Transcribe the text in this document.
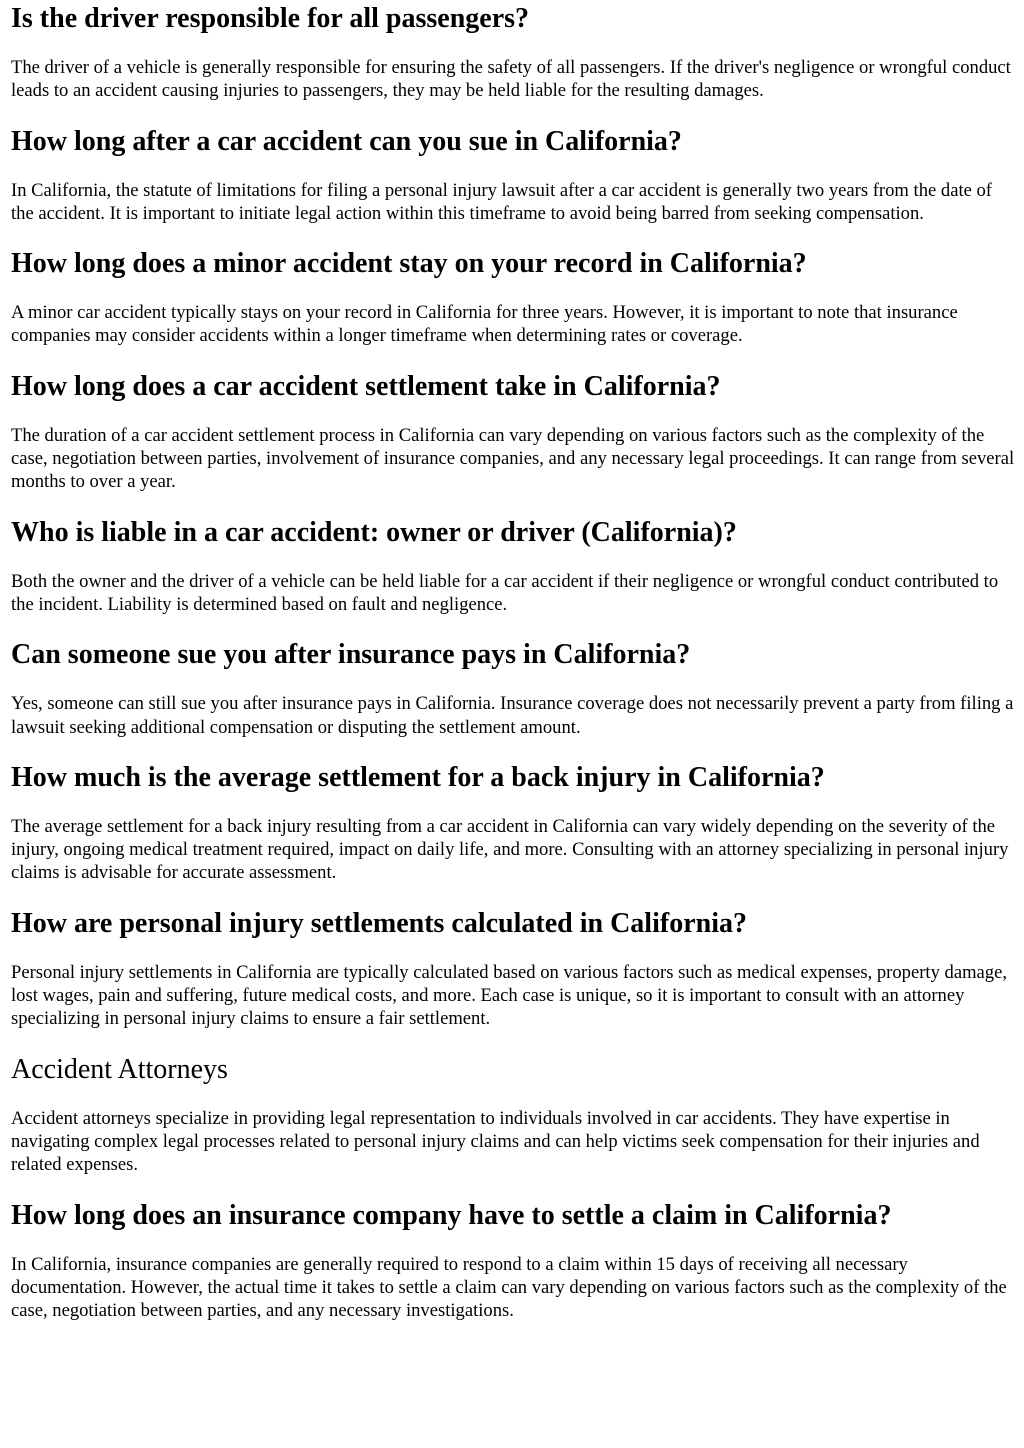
Is the driver responsible for all passengers?

The driver of a vehicle is generally responsible for ensuring the safety of all passengers. If the driver's negligence or wrongful conduct leads to an accident causing injuries to passengers, they may be held liable for the resulting damages.

How long after a car accident can you sue in California?

In California, the statute of limitations for filing a personal injury lawsuit after a car accident is generally two years from the date of the accident. It is important to initiate legal action within this timeframe to avoid being barred from seeking compensation.

How long does a minor accident stay on your record in California?

A minor car accident typically stays on your record in California for three years. However, it is important to note that insurance companies may consider accidents within a longer timeframe when determining rates or coverage.

How long does a car accident settlement take in California?

The duration of a car accident settlement process in California can vary depending on various factors such as the complexity of the case, negotiation between parties, involvement of insurance companies, and any necessary legal proceedings. It can range from several months to over a year.

Who is liable in a car accident: owner or driver (California)?

Both the owner and the driver of a vehicle can be held liable for a car accident if their negligence or wrongful conduct contributed to the incident. Liability is determined based on fault and negligence.

Can someone sue you after insurance pays in California?

Yes, someone can still sue you after insurance pays in California. Insurance coverage does not necessarily prevent a party from filing a lawsuit seeking additional compensation or disputing the settlement amount.

How much is the average settlement for a back injury in California?

The average settlement for a back injury resulting from a car accident in California can vary widely depending on the severity of the injury, ongoing medical treatment required, impact on daily life, and more. Consulting with an attorney specializing in personal injury claims is advisable for accurate assessment.

How are personal injury settlements calculated in California?

Personal injury settlements in California are typically calculated based on various factors such as medical expenses, property damage, lost wages, pain and suffering, future medical costs, and more. Each case is unique, so it is important to consult with an attorney specializing in personal injury claims to ensure a fair settlement.

Accident Attorneys

Accident attorneys specialize in providing legal representation to individuals involved in car accidents. They have expertise in navigating complex legal processes related to personal injury claims and can help victims seek compensation for their injuries and related expenses.

How long does an insurance company have to settle a claim in California?

In California, insurance companies are generally required to respond to a claim within 15 days of receiving all necessary documentation. However, the actual time it takes to settle a claim can vary depending on various factors such as the complexity of the case, negotiation between parties, and any necessary investigations.
